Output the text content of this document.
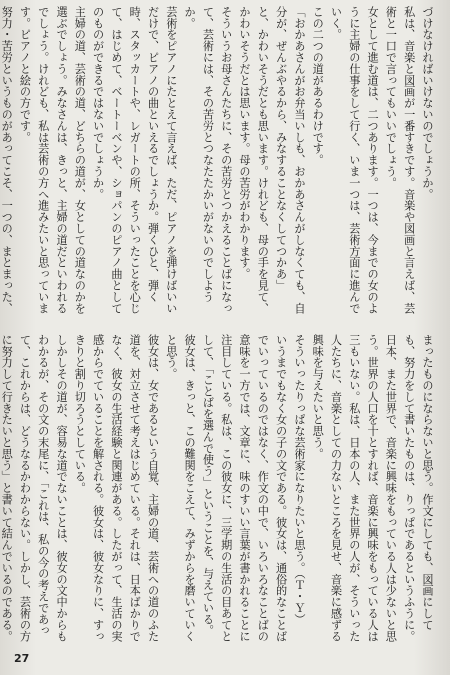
づけなければいけないのでしょうか。

私は、音楽と図画が一番すきです。音楽や図画と言えば、芸術と一口で言ってもいいでしょう。

女として進む道は、二つあります。一つは、今までの女のように主婦の仕事をして行く、いま一つは、芸術方面に進んでいく。

この二つの道があるわけです。

「おかあさんがお弁当いしも、おかあさんがしなくても、自分が、ぜんぶやるから、みなすることなくしてつかあ」

と、かわいそうだとも思います。けれども、母の手を見て、かわいそうだとは思います。母の苦労がわかります。

そういうお母さんたちに、その苦労とつかえることばになって、芸術には、その苦労とつなたたかいがないのでしようか。

芸術をピアノにたとえて言えば、ただ、ピアノを弾けばいいだけで、ピアノの曲といえるでしょうか。弾くひと、弾く時、スタッカートや、レガートの所、そういったことを心じて、はじめて、ベートーベンや、ショパンのピアノ曲としてのものができるではないでしょうか。

主婦の道、芸術の道、どちらの道が、女としての道なのかを選ぶでしょう。みなさんは、きっと、主婦の道だといわれるでしょう。けれども、私は芸術の方へ進みたいと思っています。ピアノと絵の方です。

努力・苦労というものがあってこそ、一つの、まとまった、

まったものにならないと思う。作文にしても、図画にしても、努力をして書いたものは、りっぱであるというふうに。

日本、また世界で、音楽に興味をもっている人は少ないと思う。世界の人口を十とすれば、音楽に興味をもっている人は三もいない。私は、日本の人、また世界の人が、そういった人たちに、音楽としての力ないところを見せ、音楽に感ずる興味を与えたいと思う。

そういったりっぱな芸術家になりたいと思う。（Ｔ・Ｙ）

いうまでもなく女の子の文である。彼女は、通俗的なことばでいっているのではなく、作文の中で、いろいろなことばの意味を一方では、文章に、味のすいい言葉が書かれることに注目している。私は、この彼女に、三学期の生活の目あてとして、「ことばを選んで使う」ということを、与えている。彼女は、きっと、この難関をこえて、みずからを磨いていくと思う。

彼女は、女であるという自覚、主婦の道、芸術への道のふた道を、対立させて考えはじめている。それは、日本ばかりでなく、彼女の生活経験と関連がある。したがって、生活の実感からでていることを解される。彼女は、彼女なりに、すっきりと割り切ろうとしている。

しかしその道が、容易な道でないことは、彼女の文中からもわかるが、その文の末尾に、「これは、私の今の考えであって、これからは、どうなるかわからない。しかし、芸術の方に努力して行きたいと思う」と書いて結んでいるのである。

27
